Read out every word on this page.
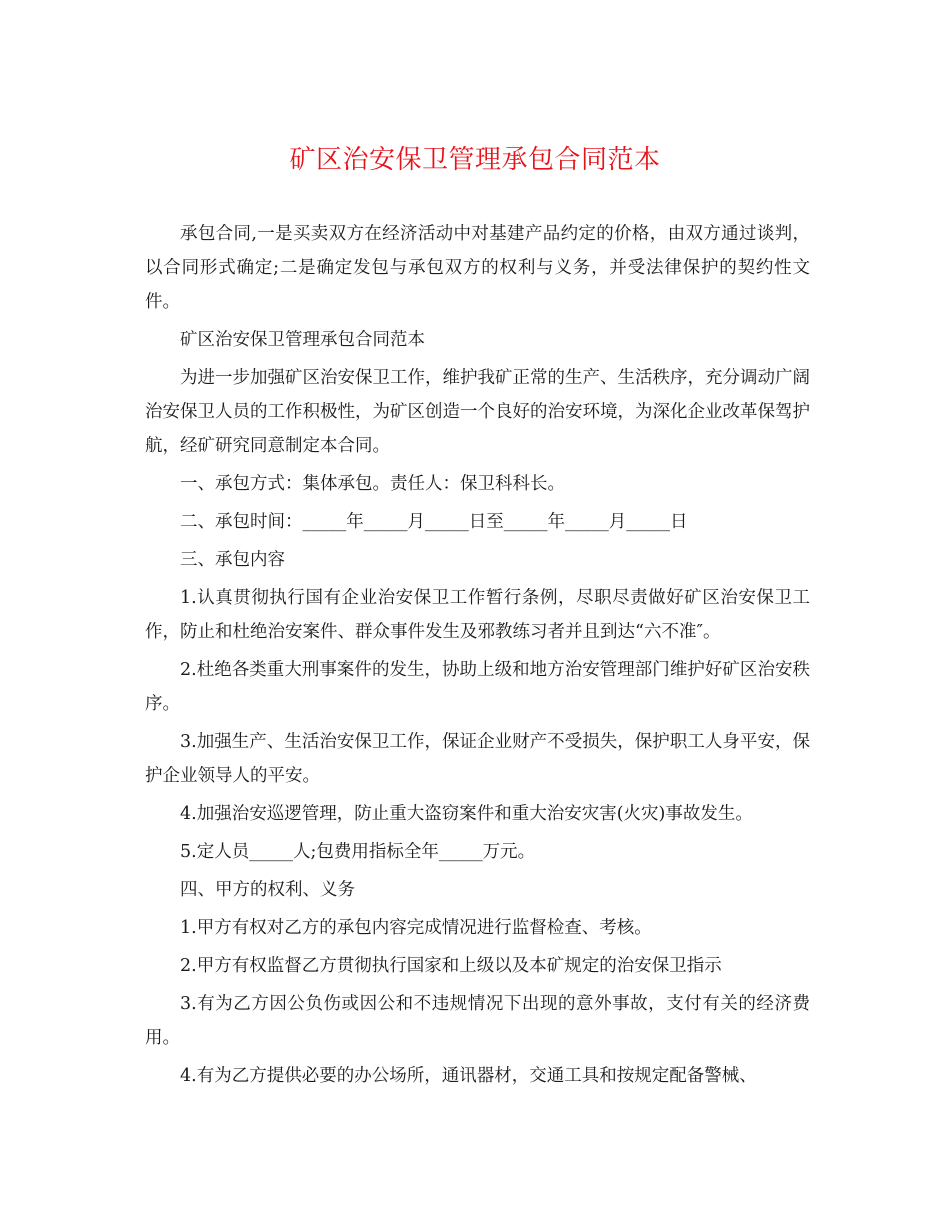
矿区治安保卫管理承包合同范本

承包合同,一是买卖双方在经济活动中对基建产品约定的价格，由双方通过谈判，以合同形式确定;二是确定发包与承包双方的权利与义务，并受法律保护的契约性文件。

矿区治安保卫管理承包合同范本

为进一步加强矿区治安保卫工作，维护我矿正常的生产、生活秩序，充分调动广阔治安保卫人员的工作积极性，为矿区创造一个良好的治安环境，为深化企业改革保驾护航，经矿研究同意制定本合同。

一、承包方式：集体承包。责任人：保卫科科长。

二、承包时间：_____年_____月_____日至_____年_____月_____日

三、承包内容

1.认真贯彻执行国有企业治安保卫工作暂行条例，尽职尽责做好矿区治安保卫工作，防止和杜绝治安案件、群众事件发生及邪教练习者并且到达“六不准″。

2.杜绝各类重大刑事案件的发生，协助上级和地方治安管理部门维护好矿区治安秩序。

3.加强生产、生活治安保卫工作，保证企业财产不受损失，保护职工人身平安，保护企业领导人的平安。

4.加强治安巡逻管理，防止重大盗窃案件和重大治安灾害(火灾)事故发生。

5.定人员_____人;包费用指标全年_____万元。

四、甲方的权利、义务

1.甲方有权对乙方的承包内容完成情况进行监督检查、考核。

2.甲方有权监督乙方贯彻执行国家和上级以及本矿规定的治安保卫指示

3.有为乙方因公负伤或因公和不违规情况下出现的意外事故，支付有关的经济费用。

4.有为乙方提供必要的办公场所，通讯器材，交通工具和按规定配备警械、
